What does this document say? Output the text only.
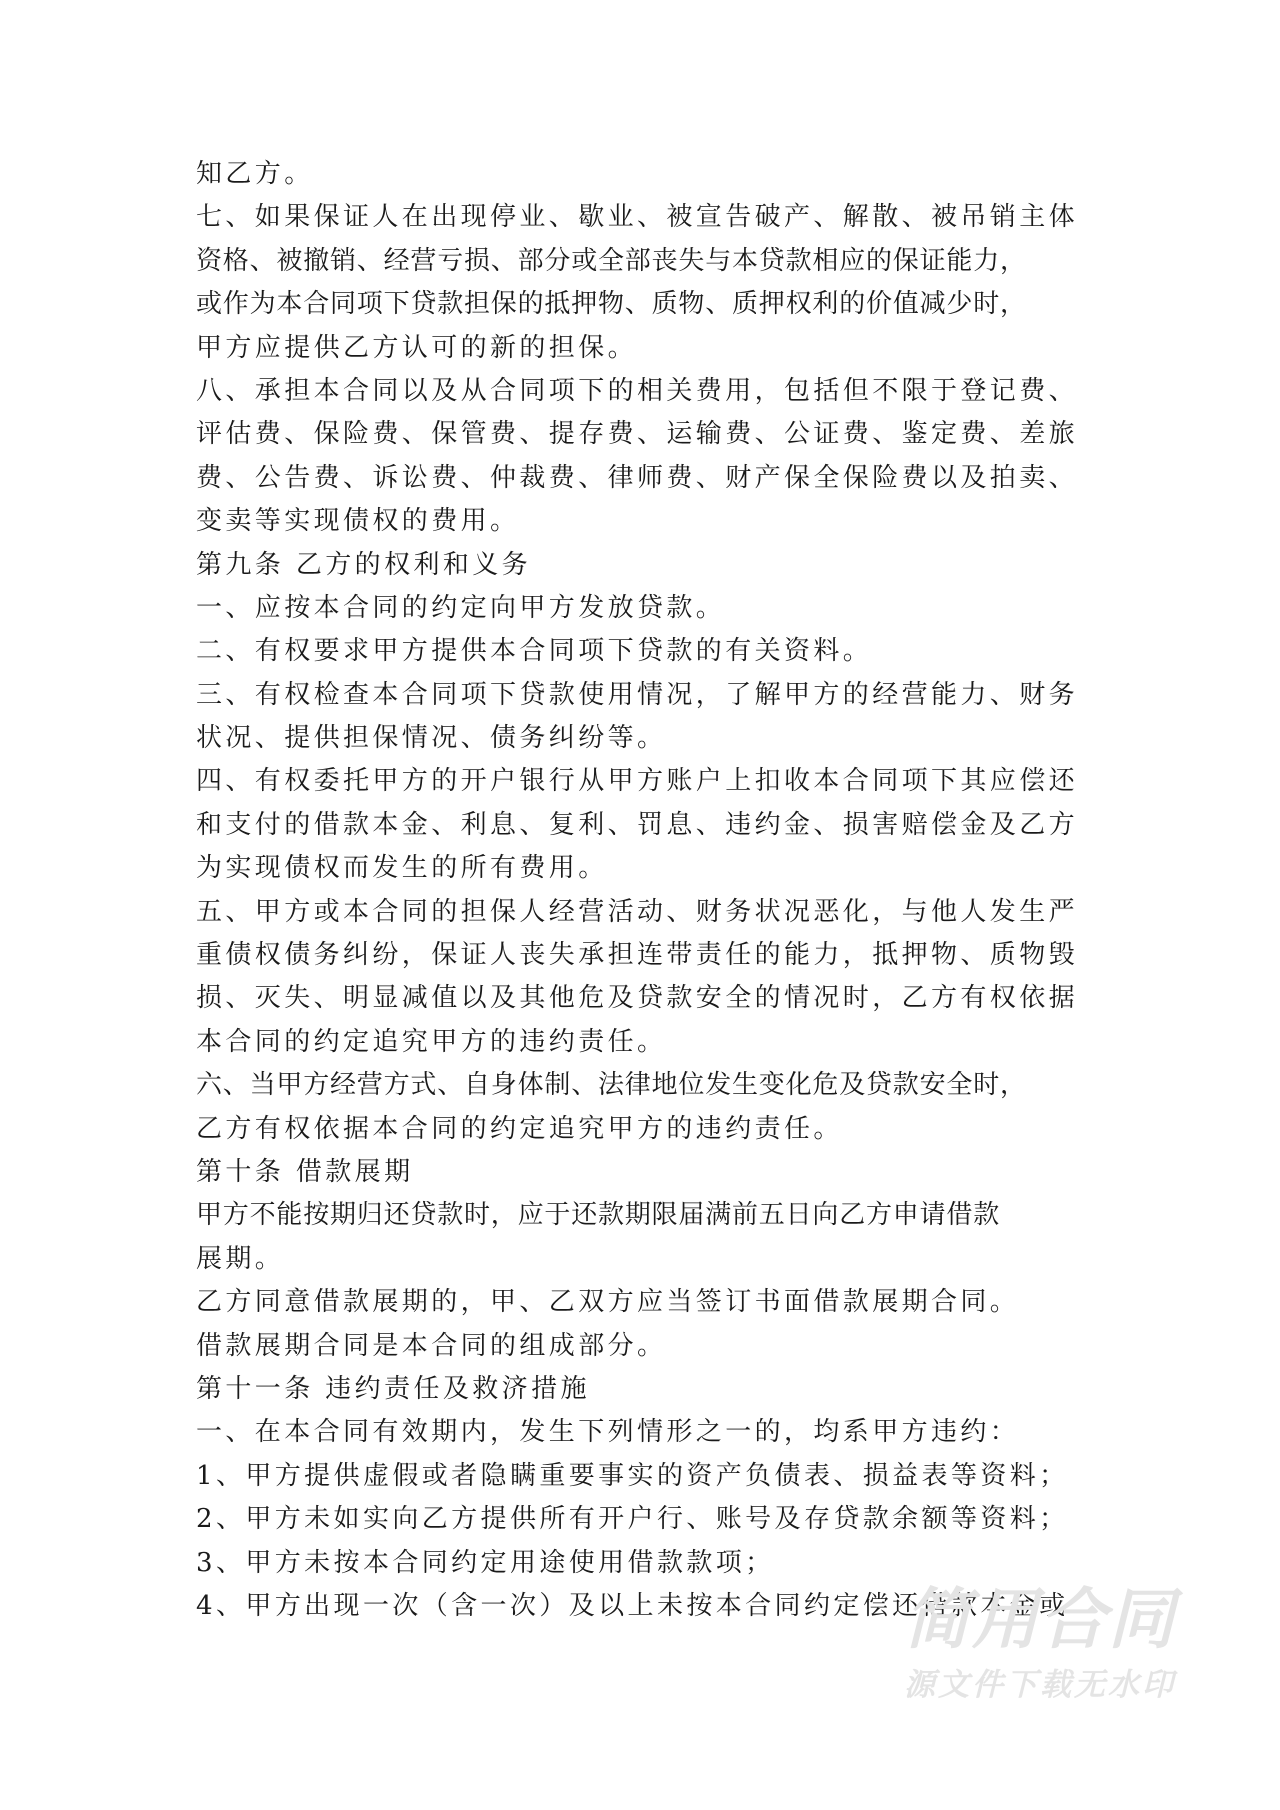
知乙方。
七、如果保证人在出现停业、歇业、被宣告破产、解散、被吊销主体
资格、被撤销、经营亏损、部分或全部丧失与本贷款相应的保证能力，
或作为本合同项下贷款担保的抵押物、质物、质押权利的价值减少时，
甲方应提供乙方认可的新的担保。
八、承担本合同以及从合同项下的相关费用，包括但不限于登记费、
评估费、保险费、保管费、提存费、运输费、公证费、鉴定费、差旅
费、公告费、诉讼费、仲裁费、律师费、财产保全保险费以及拍卖、
变卖等实现债权的费用。
第九条 乙方的权利和义务
一、应按本合同的约定向甲方发放贷款。
二、有权要求甲方提供本合同项下贷款的有关资料。
三、有权检查本合同项下贷款使用情况，了解甲方的经营能力、财务
状况、提供担保情况、债务纠纷等。
四、有权委托甲方的开户银行从甲方账户上扣收本合同项下其应偿还
和支付的借款本金、利息、复利、罚息、违约金、损害赔偿金及乙方
为实现债权而发生的所有费用。
五、甲方或本合同的担保人经营活动、财务状况恶化，与他人发生严
重债权债务纠纷，保证人丧失承担连带责任的能力，抵押物、质物毁
损、灭失、明显减值以及其他危及贷款安全的情况时，乙方有权依据
本合同的约定追究甲方的违约责任。
六、当甲方经营方式、自身体制、法律地位发生变化危及贷款安全时，
乙方有权依据本合同的约定追究甲方的违约责任。
第十条 借款展期
甲方不能按期归还贷款时，应于还款期限届满前五日向乙方申请借款
展期。
乙方同意借款展期的，甲、乙双方应当签订书面借款展期合同。
借款展期合同是本合同的组成部分。
第十一条 违约责任及救济措施
一、在本合同有效期内，发生下列情形之一的，均系甲方违约：
1、甲方提供虚假或者隐瞒重要事实的资产负债表、损益表等资料；
2、甲方未如实向乙方提供所有开户行、账号及存贷款余额等资料；
3、甲方未按本合同约定用途使用借款款项；
4、甲方出现一次（含一次）及以上未按本合同约定偿还借款本金或
简用合同
源文件下载无水印
